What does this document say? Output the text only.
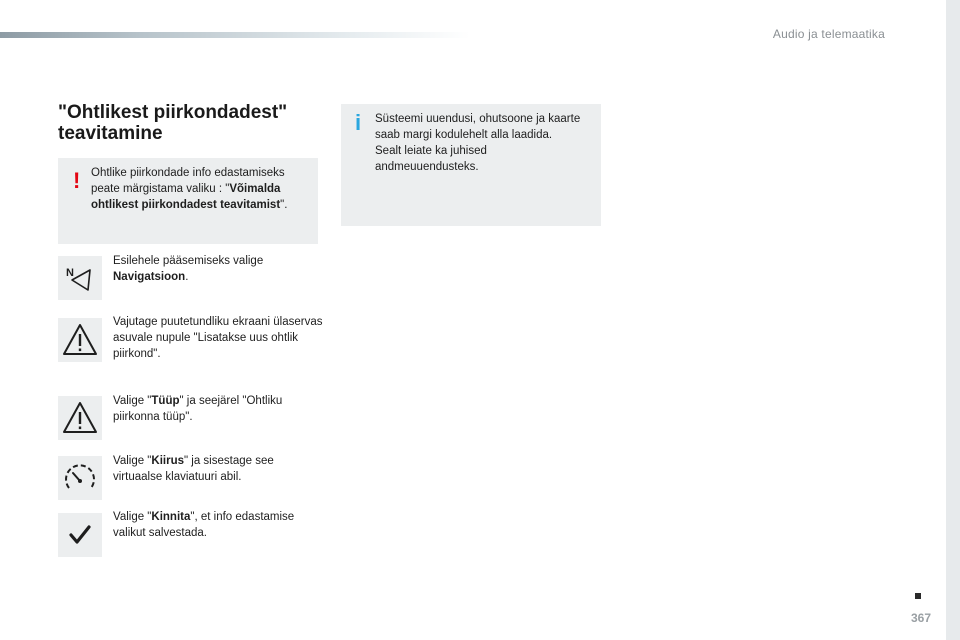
Audio ja telemaatika
"Ohtlikest piirkondadest"
teavitamine
! Ohtlike piirkondade info edastamiseks peate märgistama valiku : "Võimalda ohtlikest piirkondadest teavitamist".
i	Süsteemi uuendusi, ohutsoone ja kaarte saab margi kodulehelt alla laadida.
Sealt leiate ka juhised andmeuuendusteks.
N
Esilehele pääsemiseks valige Navigatsioon.
Vajutage puutetundliku ekraani ülaservas asuvale nupule "Lisatakse uus ohtlik piirkond".
Valige "Tüüp" ja seejärel "Ohtliku piirkonna tüüp".
Valige "Kiirus" ja sisestage see virtuaalse klaviatuuri abil.
Valige "Kinnita", et info edastamise valikut salvestada.
367
